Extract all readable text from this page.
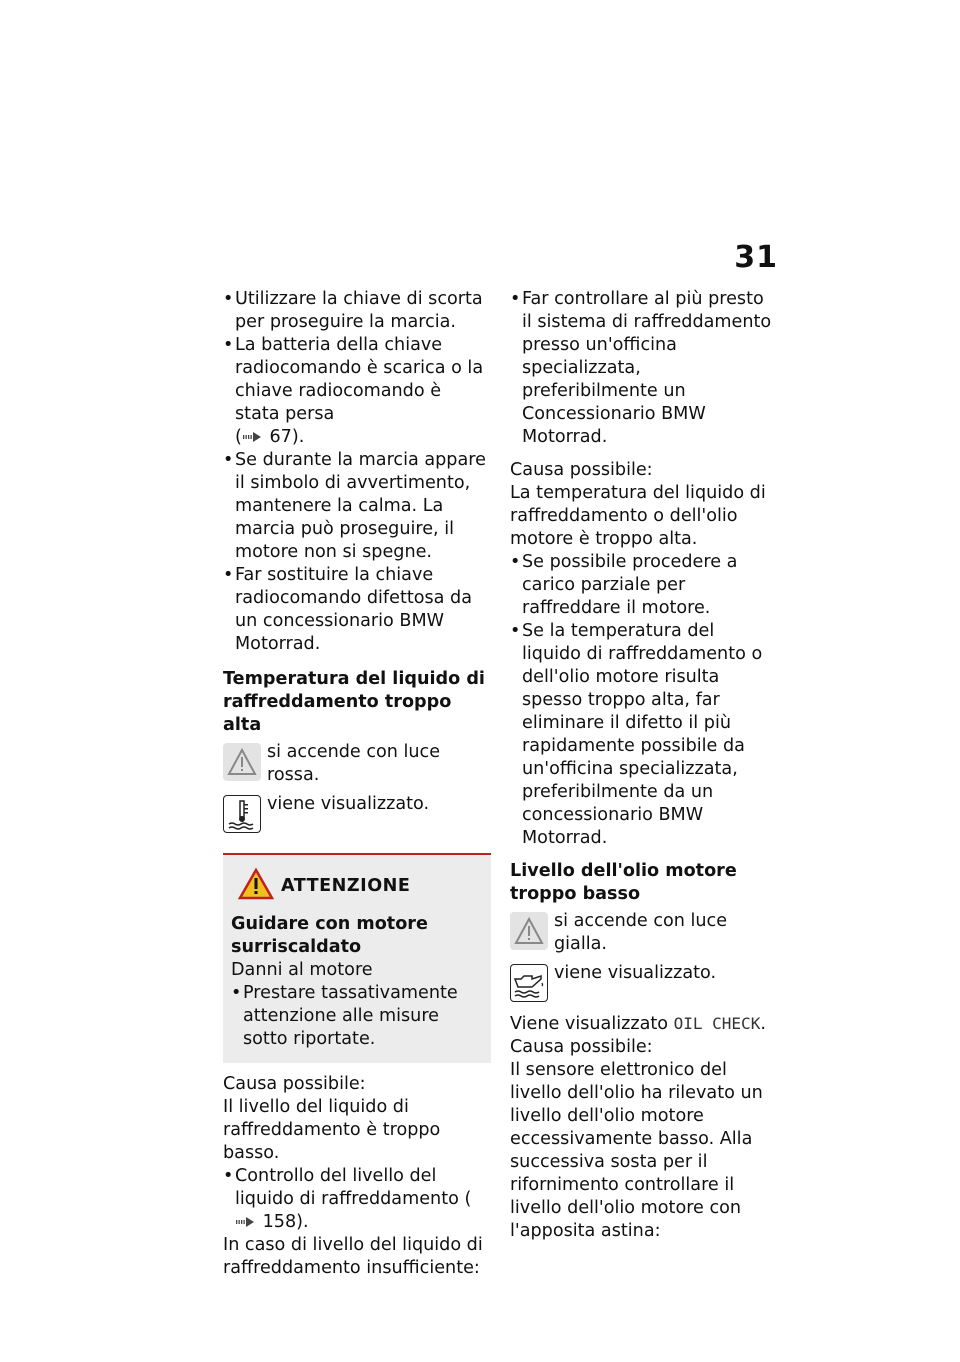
31
• Utilizzare la chiave di scorta per proseguire la marcia.
• La batteria della chiave radiocomando è scarica o la chiave radiocomando è stata persa
( 67).
• Se durante la marcia appare il simbolo di avvertimento, mantenere la calma. La marcia può proseguire, il motore non si spegne.
• Far sostituire la chiave radiocomando difettosa da un concessionario BMW Motorrad.
Temperatura del liquido di raffreddamento troppo alta
si accende con luce rossa.
viene visualizzato.
ATTENZIONE
Guidare con motore surriscaldato
Danni al motore
• Prestare tassativamente attenzione alle misure sotto riportate.
Causa possibile:
Il livello del liquido di raffreddamento è troppo basso.
• Controllo del livello del liquido di raffreddamento (
158).
In caso di livello del liquido di raffreddamento insufficiente:
• Far controllare al più presto il sistema di raffreddamento presso un'officina specializzata, preferibilmente un Concessionario BMW Motorrad.
Causa possibile:
La temperatura del liquido di raffreddamento o dell'olio motore è troppo alta.
• Se possibile procedere a carico parziale per raffreddare il motore.
• Se la temperatura del liquido di raffreddamento o dell'olio motore risulta spesso troppo alta, far eliminare il difetto il più rapidamente possibile da un'officina specializzata, preferibilmente da un concessionario BMW Motorrad.
Livello dell'olio motore troppo basso
si accende con luce gialla.
viene visualizzato.
Viene visualizzato OIL CHECK.
Causa possibile:
Il sensore elettronico del livello dell'olio ha rilevato un livello dell'olio motore eccessivamente basso. Alla successiva sosta per il rifornimento controllare il livello dell'olio motore con l'apposita astina:
